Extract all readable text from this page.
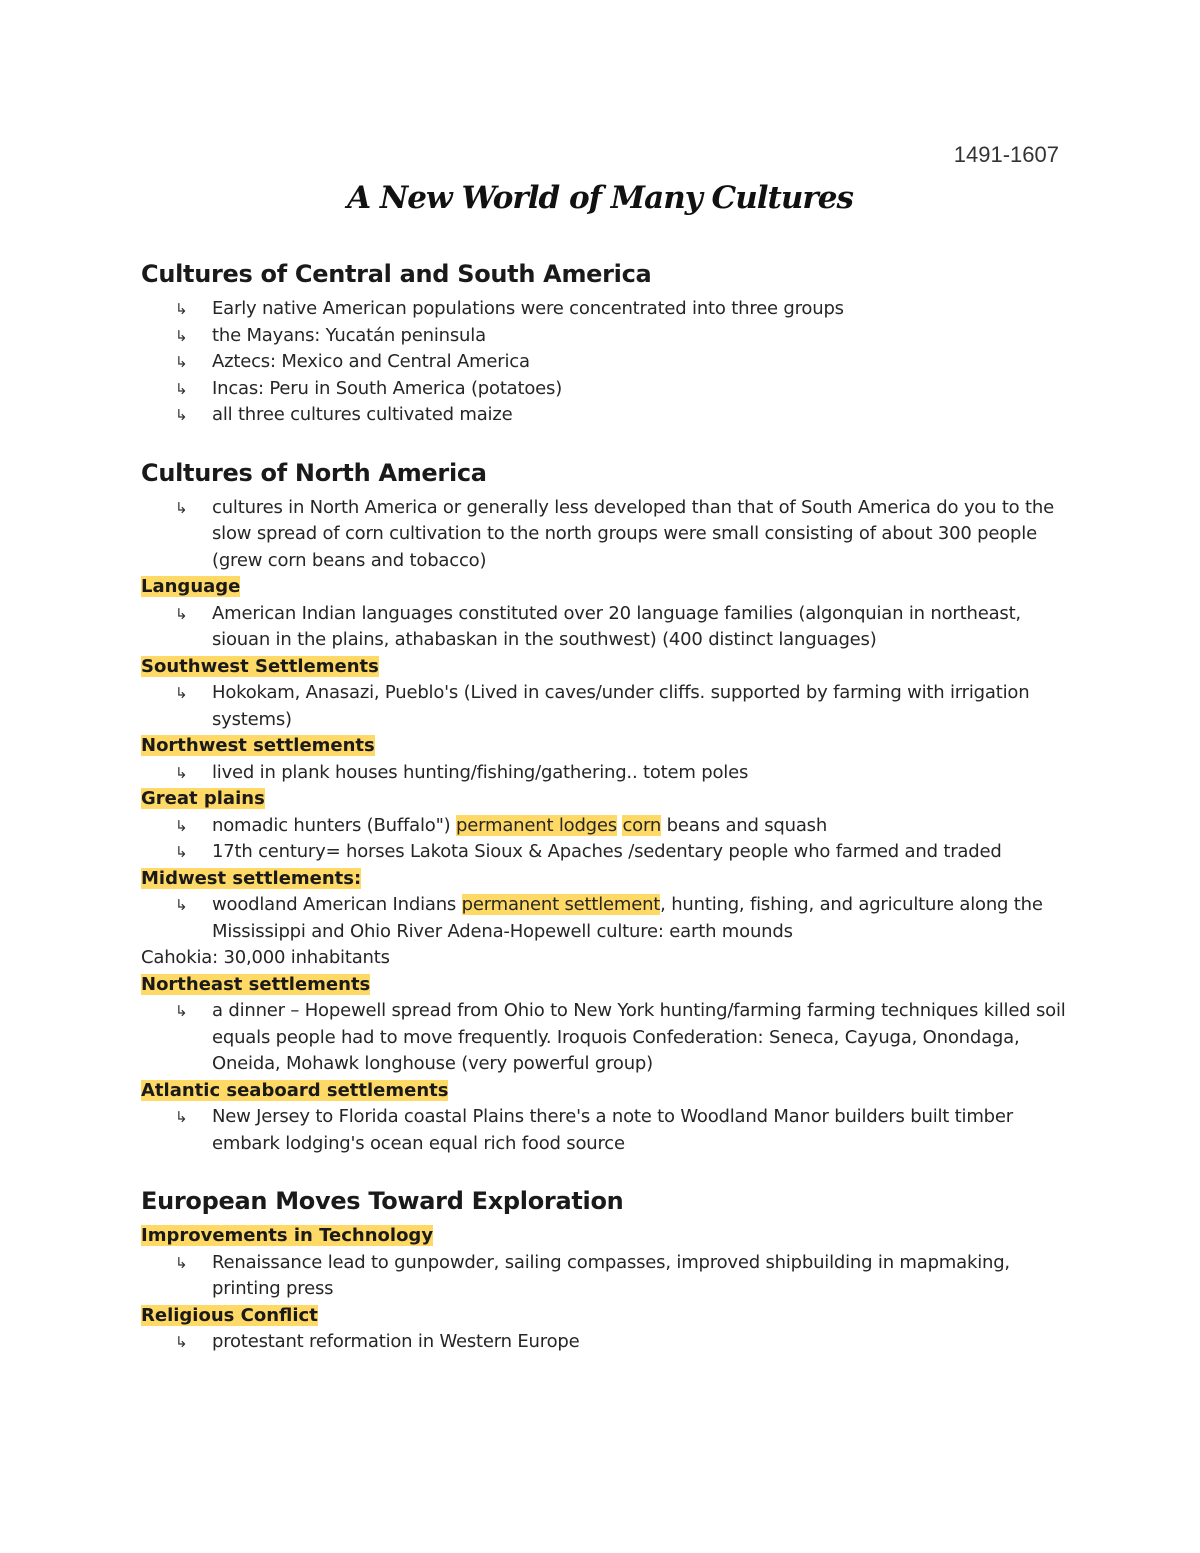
1491-1607
A New World of Many Cultures
Cultures of Central and South America
↳ Early native American populations were concentrated into three groups
↳ the Mayans: Yucatán peninsula
↳ Aztecs: Mexico and Central America
↳ Incas: Peru in South America (potatoes)
↳ all three cultures cultivated maize
Cultures of North America
↳ cultures in North America or generally less developed than that of South America do you to the slow spread of corn cultivation to the north groups were small consisting of about 300 people (grew corn beans and tobacco)
Language
↳ American Indian languages constituted over 20 language families (algonquian in northeast, siouan in the plains, athabaskan in the southwest) (400 distinct languages)
Southwest Settlements
↳ Hokokam, Anasazi, Pueblo's (Lived in caves/under cliffs. supported by farming with irrigation systems)
Northwest settlements
↳ lived in plank houses hunting/fishing/gathering.. totem poles
Great plains
↳ nomadic hunters (Buffalo") permanent lodges corn beans and squash
↳ 17th century= horses Lakota Sioux & Apaches /sedentary people who farmed and traded
Midwest settlements:
↳ woodland American Indians permanent settlement, hunting, fishing, and agriculture along the Mississippi and Ohio River Adena-Hopewell culture: earth mounds
Cahokia: 30,000 inhabitants
Northeast settlements
↳ a dinner – Hopewell spread from Ohio to New York hunting/farming farming techniques killed soil equals people had to move frequently. Iroquois Confederation: Seneca, Cayuga, Onondaga, Oneida, Mohawk longhouse (very powerful group)
Atlantic seaboard settlements
↳ New Jersey to Florida coastal Plains there's a note to Woodland Manor builders built timber embark lodging's ocean equal rich food source
European Moves Toward Exploration
Improvements in Technology
↳ Renaissance lead to gunpowder, sailing compasses, improved shipbuilding in mapmaking, printing press
Religious Conflict
↳ protestant reformation in Western Europe
